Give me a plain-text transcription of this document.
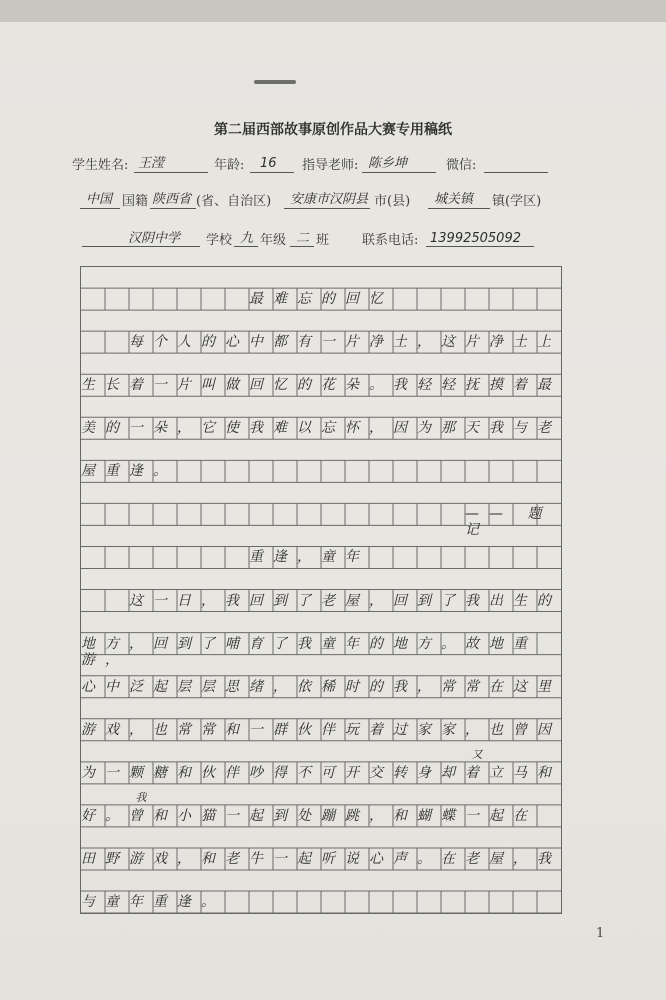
第二届西部故事原创作品大赛专用稿纸
学生姓名: 王滢	年龄: 16 指导老师: 陈乡坤	微信:
中国 国籍 陕西省 (省、自治区) 安康市汉阴县 市(县) 城关镇 镇(学区)
汉阴中学 学校 九 年级 二 班	联系电话: 13992505092
最难忘的回忆
每个人的心中都有一片净土，这片净土上
生长着一片叫做回忆的花朵。我轻轻抚摸着最
美的一朵，它使我难以忘怀，因为那天我与老
屋重逢。
—— 题记
重逢，童年
这一日，我回到了老屋，回到了我出生的
地方，回到了哺育了我童年的地方。故地重游，
心中泛起层层思绪，依稀时的我，常常在这里
游戏，也常常和一群伙伴玩着过家家，也曾因
为一颗糖和伙伴吵得不可开交转身却着立马和
好。曾和小猫一起到处蹦跳，和蝴蝶一起在
田野游戏，和老牛一起听说心声。在老屋，我
与童年重逢。
又
我
1
